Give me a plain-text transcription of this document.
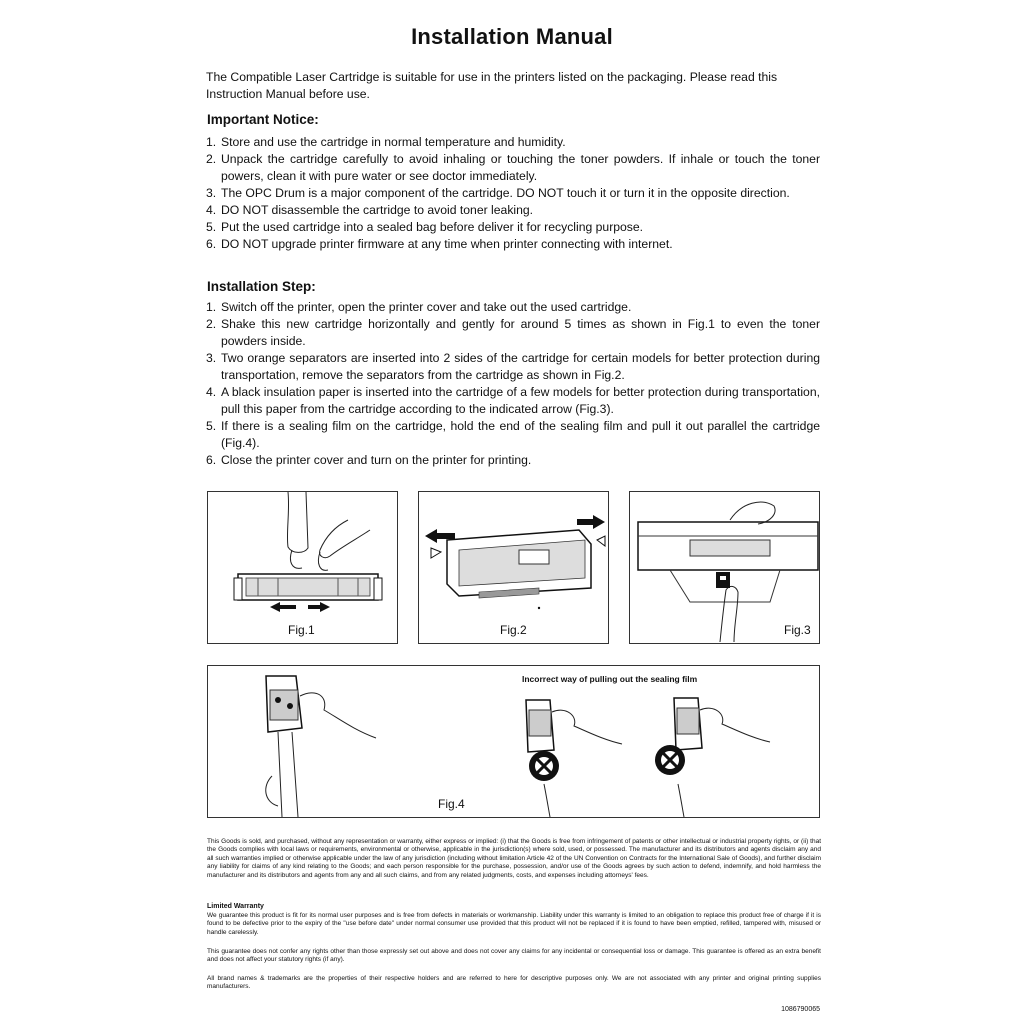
Installation Manual

The Compatible Laser Cartridge is suitable for use in the printers listed on the packaging. Please read this Instruction Manual before use.

Important Notice:
1. Store and use the cartridge in normal temperature and humidity.
2. Unpack the cartridge carefully to avoid inhaling or touching the toner powders. If inhale or touch the toner powers, clean it with pure water or see doctor immediately.
3. The OPC Drum is a major component of the cartridge. DO NOT touch it or turn it in the opposite direction.
4. DO NOT disassemble the cartridge to avoid toner leaking.
5. Put the used cartridge into a sealed bag before deliver it for recycling purpose.
6. DO NOT upgrade printer firmware at any time when printer connecting with internet.
Installation Step:
1. Switch off the printer, open the printer cover and take out the used cartridge.
2. Shake this new cartridge horizontally and gently for around 5 times as shown in Fig.1 to even the toner powders inside.
3. Two orange separators are inserted into 2 sides of the cartridge for certain models for better protection during transportation, remove the separators from the cartridge as shown in Fig.2.
4. A black insulation paper is inserted into the cartridge of a few models for better protection during transportation, pull this paper from the cartridge according to the indicated arrow (Fig.3).
5. If there is a sealing film on the cartridge, hold the end of the sealing film and pull it out parallel the cartridge (Fig.4).
6. Close the printer cover and turn on the printer for printing.
Fig.1	Fig.2	Fig.3
Incorrect way of pulling out the sealing film
Fig.4

This Goods is sold, and purchased, without any representation or warranty, either express or implied: (i) that the Goods is free from infringement of patents or other intellectual or industrial property rights, or (ii) that the Goods complies with local laws or requirements, environmental or otherwise, applicable in the jurisdiction(s) where sold, used, or possessed. The manufacturer and its distributors and agents disclaim any and all such warranties implied or otherwise applicable under the law of any jurisdiction (including without limitation Article 42 of the UN Convention on Contracts for the International Sale of Goods), and further disclaim any liability for claims of any kind relating to the Goods; and each person responsible for the purchase, possession, and/or use of the Goods agrees by such action to defend, indemnify, and hold harmless the manufacturer and its distributors and agents from any and all such claims, and from any related judgments, costs, and expenses including attorneys' fees.

Limited Warranty

We guarantee this product is fit for its normal user purposes and is free from defects in materials or workmanship. Liability under this warranty is limited to an obligation to replace this product free of charge if it is found to be defective prior to the expiry of the "use before date" under normal consumer use provided that this product will not be replaced if it is found to have been emptied, refilled, tampered with, misused or handle carelessly.

This guarantee does not confer any rights other than those expressly set out above and does not cover any claims for any incidental or consequential loss or damage. This guarantee is offered as an extra benefit and does not affect your statutory rights (if any).

All brand names & trademarks are the properties of their respective holders and are referred to here for descriptive purposes only. We are not associated with any printer and original printing supplies manufacturers.

1086790065
